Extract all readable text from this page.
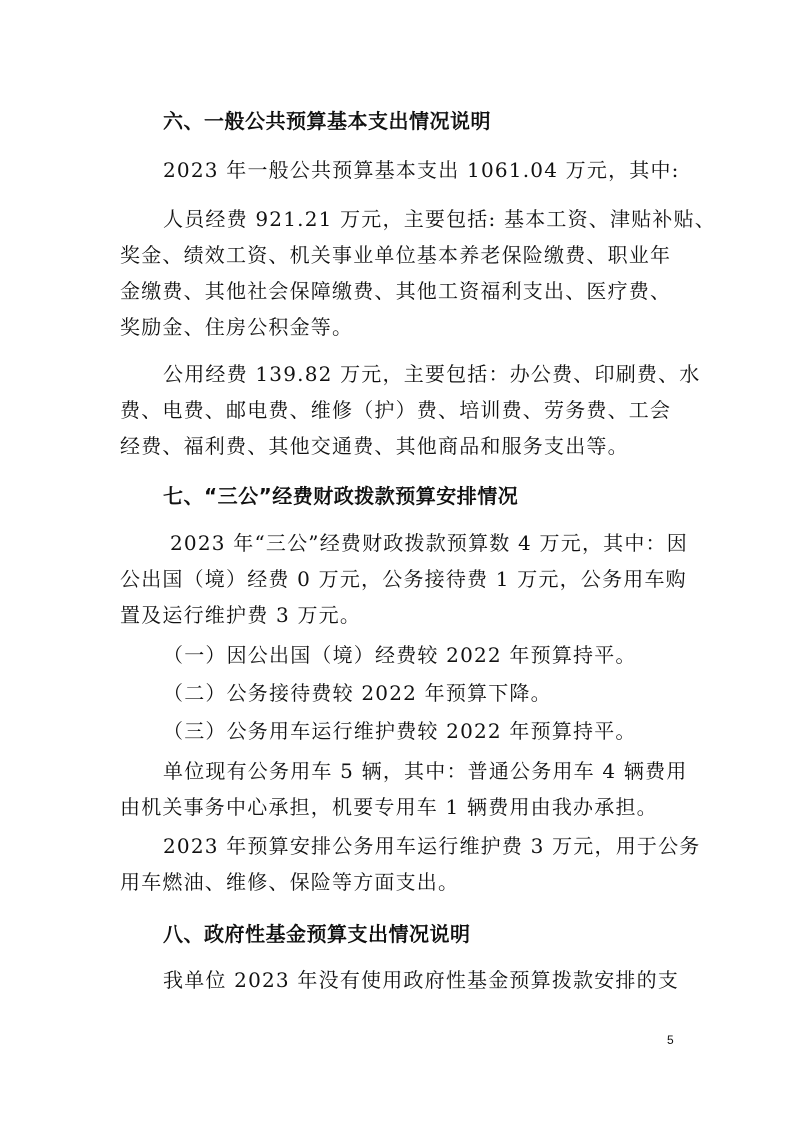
六、一般公共预算基本支出情况说明
2023 年一般公共预算基本支出 1061.04 万元，其中:
人员经费 921.21 万元，主要包括: 基本工资、津贴补贴、
奖金、绩效工资、机关事业单位基本养老保险缴费、职业年
金缴费、其他社会保障缴费、其他工资福利支出、医疗费、
奖励金、住房公积金等。
公用经费 139.82 万元，主要包括：办公费、印刷费、水
费、电费、邮电费、维修（护）费、培训费、劳务费、工会
经费、福利费、其他交通费、其他商品和服务支出等。
七、“三公”经费财政拨款预算安排情况
2023 年“三公”经费财政拨款预算数 4 万元，其中：因
公出国（境）经费 0 万元，公务接待费 1 万元，公务用车购
置及运行维护费 3 万元。
（一）因公出国（境）经费较 2022 年预算持平。
（二）公务接待费较 2022 年预算下降。
（三）公务用车运行维护费较 2022 年预算持平。
单位现有公务用车 5 辆，其中：普通公务用车 4 辆费用
由机关事务中心承担，机要专用车 1 辆费用由我办承担。
2023 年预算安排公务用车运行维护费 3 万元，用于公务
用车燃油、维修、保险等方面支出。
八、政府性基金预算支出情况说明
我单位 2023 年没有使用政府性基金预算拨款安排的支
5
